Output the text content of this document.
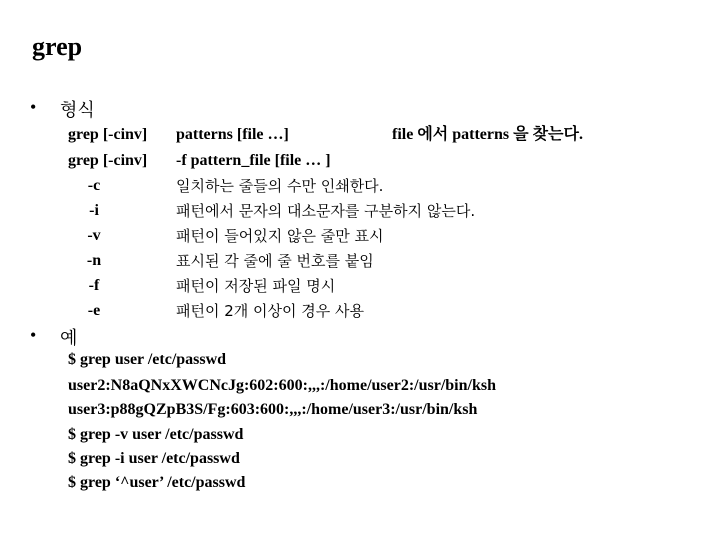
grep
• 형식
grep [-cinv]	patterns [file …]	file 에서 patterns 을 찾는다.
grep [-cinv]	-f pattern_file [file … ]
-c	일치하는 줄들의 수만 인쇄한다.
-i	패턴에서 문자의 대소문자를 구분하지 않는다.
-v	패턴이 들어있지 않은 줄만 표시
-n	표시된 각 줄에 줄 번호를 붙임
-f	패턴이 저장된 파일 명시
-e	패턴이 2개 이상이 경우 사용
• 예
$ grep user /etc/passwd
user2:N8aQNxXWCNcJg:602:600:,,,:/home/user2:/usr/bin/ksh
user3:p88gQZpB3S/Fg:603:600:,,,:/home/user3:/usr/bin/ksh
$ grep -v user /etc/passwd
$ grep -i user /etc/passwd
$ grep ‘^user’ /etc/passwd
